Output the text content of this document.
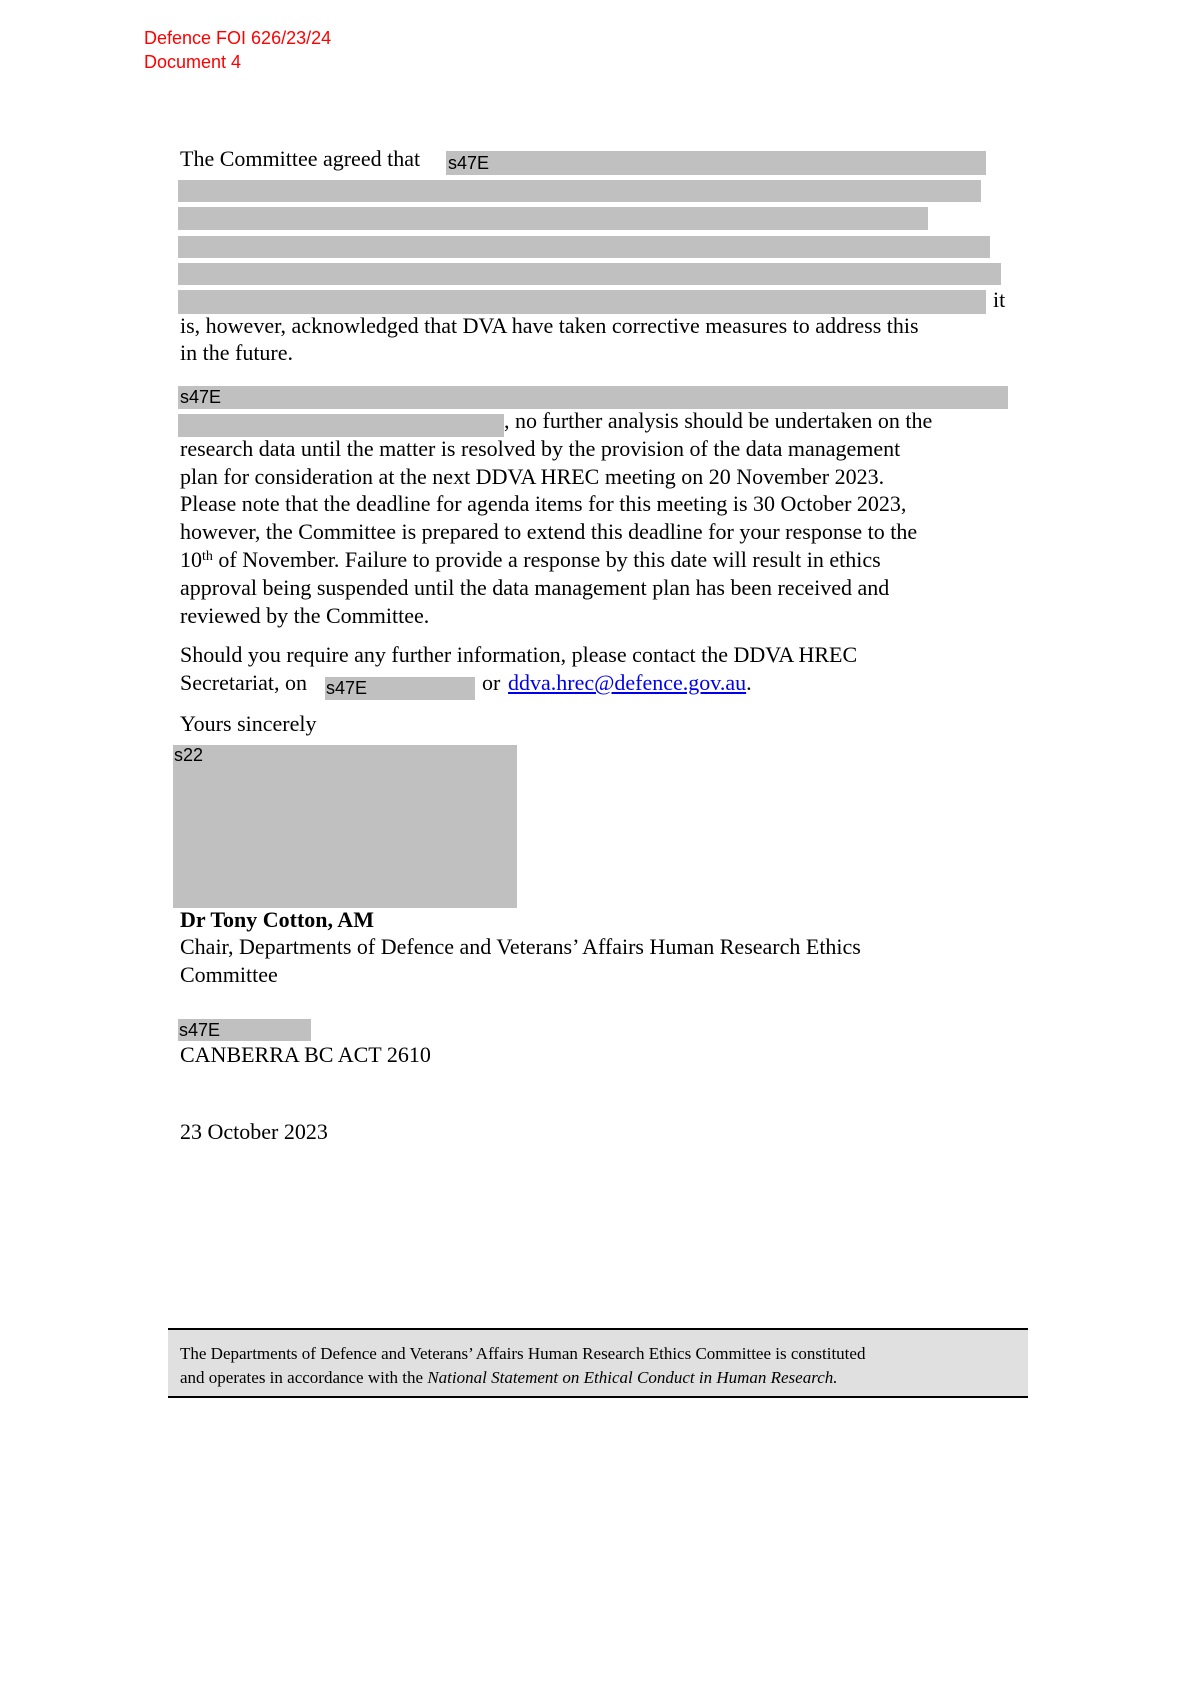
Defence FOI 626/23/24
Document 4
The Committee agreed that s47E
it
is, however, acknowledged that DVA have taken corrective measures to address this
in the future.
s47E
, no further analysis should be undertaken on the
research data until the matter is resolved by the provision of the data management
plan for consideration at the next DDVA HREC meeting on 20 November 2023.
Please note that the deadline for agenda items for this meeting is 30 October 2023,
however, the Committee is prepared to extend this deadline for your response to the
10th of November. Failure to provide a response by this date will result in ethics
approval being suspended until the data management plan has been received and
reviewed by the Committee.
Should you require any further information, please contact the DDVA HREC
Secretariat, on s47E	or ddva.hrec@defence.gov.au.
Yours sincerely
s22
Dr Tony Cotton, AM
Chair, Departments of Defence and Veterans’ Affairs Human Research Ethics
Committee
s47E
CANBERRA BC ACT 2610
23 October 2023
The Departments of Defence and Veterans’ Affairs Human Research Ethics Committee is constituted
and operates in accordance with the National Statement on Ethical Conduct in Human Research.
